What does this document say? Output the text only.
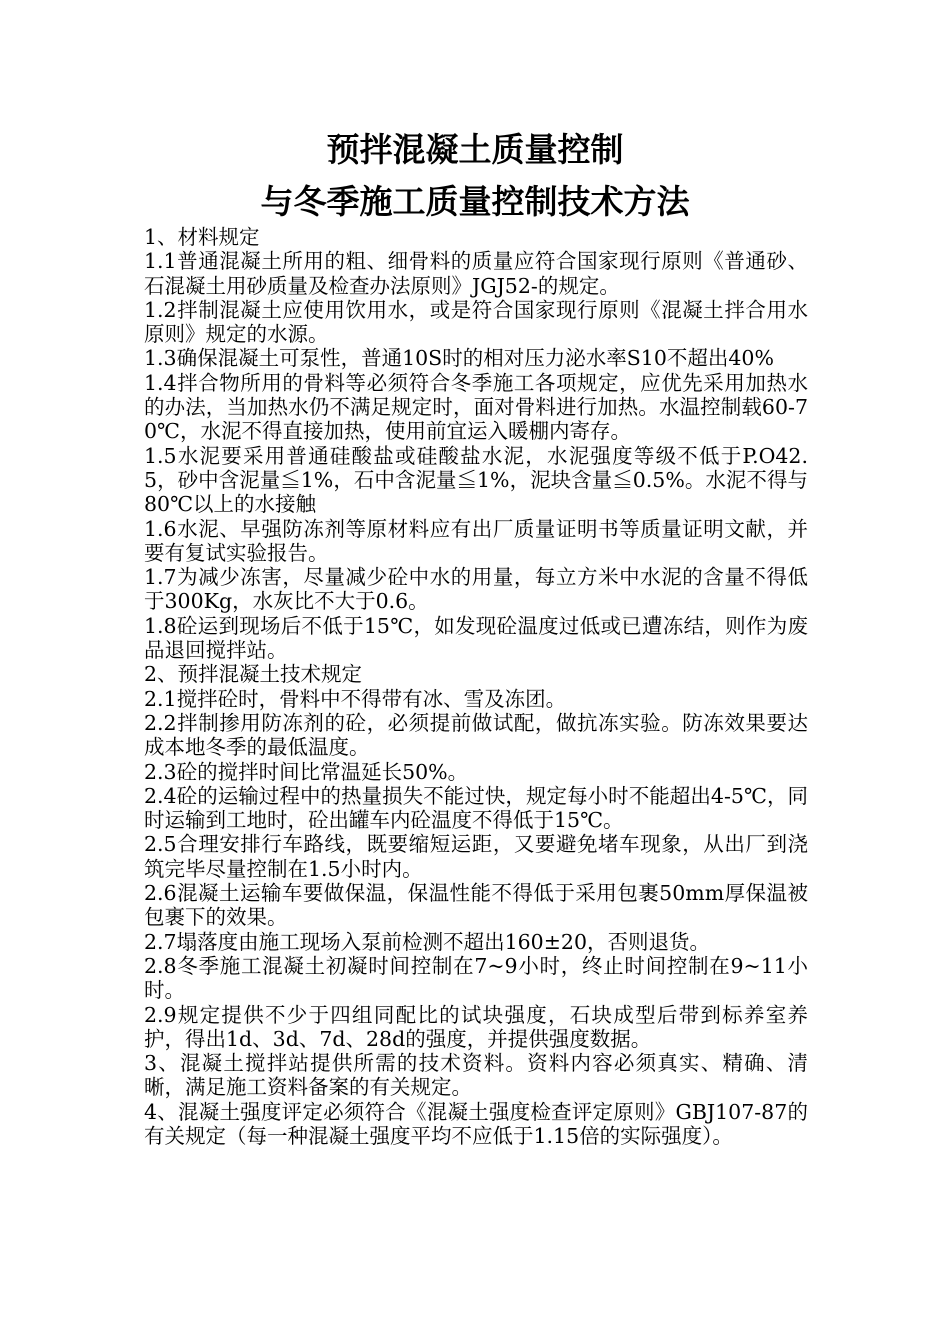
预拌混凝土质量控制
与冬季施工质量控制技术方法

1、材料规定

1.1普通混凝土所用的粗、细骨料的质量应符合国家现行原则《普通砂、石混凝土用砂质量及检查办法原则》JGJ52-的规定。

1.2拌制混凝土应使用饮用水，或是符合国家现行原则《混凝土拌合用水原则》规定的水源。

1.3确保混凝土可泵性，普通10S时的相对压力泌水率S10不超出40%

1.4拌合物所用的骨料等必须符合冬季施工各项规定，应优先采用加热水的办法，当加热水仍不满足规定时，面对骨料进行加热。水温控制载60-70℃，水泥不得直接加热，使用前宜运入暖棚内寄存。

1.5水泥要采用普通硅酸盐或硅酸盐水泥，水泥强度等级不低于P.O42.5，砂中含泥量≦1%，石中含泥量≦1%，泥块含量≦0.5%。水泥不得与80℃以上的水接触

1.6水泥、早强防冻剂等原材料应有出厂质量证明书等质量证明文献，并要有复试实验报告。

1.7为减少冻害，尽量减少砼中水的用量，每立方米中水泥的含量不得低于300Kg，水灰比不大于0.6。

1.8砼运到现场后不低于15℃，如发现砼温度过低或已遭冻结，则作为废品退回搅拌站。

2、预拌混凝土技术规定

2.1搅拌砼时，骨料中不得带有冰、雪及冻团。

2.2拌制掺用防冻剂的砼，必须提前做试配，做抗冻实验。防冻效果要达成本地冬季的最低温度。

2.3砼的搅拌时间比常温延长50%。

2.4砼的运输过程中的热量损失不能过快，规定每小时不能超出4-5℃，同时运输到工地时，砼出罐车内砼温度不得低于15℃。

2.5合理安排行车路线，既要缩短运距，又要避免堵车现象，从出厂到浇筑完毕尽量控制在1.5小时内。

2.6混凝土运输车要做保温，保温性能不得低于采用包裹50mm厚保温被包裹下的效果。

2.7塌落度由施工现场入泵前检测不超出160±20，否则退货。

2.8冬季施工混凝土初凝时间控制在7~9小时，终止时间控制在9~11小时。

2.9规定提供不少于四组同配比的试块强度，石块成型后带到标养室养护，得出1d、3d、7d、28d的强度，并提供强度数据。

3、混凝土搅拌站提供所需的技术资料。资料内容必须真实、精确、清晰，满足施工资料备案的有关规定。

4、混凝土强度评定必须符合《混凝土强度检查评定原则》GBJ107-87的有关规定（每一种混凝土强度平均不应低于1.15倍的实际强度）。
